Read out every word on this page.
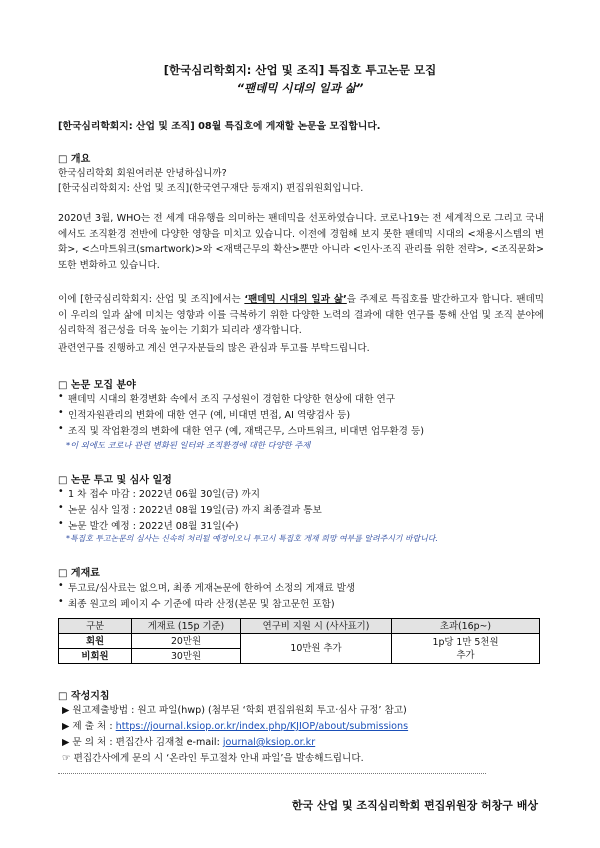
[한국심리학회지: 산업 및 조직] 특집호 투고논문 모집
“팬데믹 시대의 일과 삶”
[한국심리학회지: 산업 및 조직] 08월 특집호에 게재할 논문을 모집합니다.
□ 개요
한국심리학회 회원여러분 안녕하십니까?
[한국심리학회지: 산업 및 조직](한국연구재단 등재지) 편집위원회입니다.
2020년 3월, WHO는 전 세계 대유행을 의미하는 팬데믹을 선포하였습니다. 코로나19는 전 세계적으로 그리고 국내에서도 조직환경 전반에 다양한 영향을 미치고 있습니다. 이전에 경험해 보지 못한 팬데믹 시대의 <채용시스템의 변화>, <스마트워크(smartwork)>와 <재택근무의 확산>뿐만 아니라 <인사·조직 관리를 위한 전략>, <조직문화> 또한 변화하고 있습니다.
이에 [한국심리학회지: 산업 및 조직]에서는 ‘팬데믹 시대의 일과 삶’을 주제로 특집호를 발간하고자 합니다. 팬데믹이 우리의 일과 삶에 미치는 영향과 이를 극복하기 위한 다양한 노력의 결과에 대한 연구를 통해 산업 및 조직 분야에 심리학적 접근성을 더욱 높이는 기회가 되리라 생각합니다.
관련연구를 진행하고 계신 연구자분들의 많은 관심과 투고를 부탁드립니다.
□ 논문 모집 분야
• 팬데믹 시대의 환경변화 속에서 조직 구성원이 경험한 다양한 현상에 대한 연구
• 인적자원관리의 변화에 대한 연구 (예, 비대면 면접, AI 역량검사 등)
• 조직 및 작업환경의 변화에 대한 연구 (예, 재택근무, 스마트워크, 비대면 업무환경 등)
*이 외에도 코로나 관련 변화된 일터와 조직환경에 대한 다양한 주제
□ 논문 투고 및 심사 일정
• 1 차 접수 마감 : 2022년 06월 30일(금) 까지
• 논문 심사 일정 : 2022년 08월 19일(금) 까지 최종결과 통보
• 논문 발간 예정 : 2022년 08월 31일(수)
*특집호 투고논문의 심사는 신속히 처리될 예정이오니 투고시 특집호 게재 희망 여부를 알려주시기 바랍니다.
□ 게재료
• 투고료/심사료는 없으며, 최종 게재논문에 한하여 소정의 게재료 발생
• 최종 원고의 페이지 수 기준에 따라 산정(본문 및 참고문헌 포함)
구분	게재료 (15p 기준)	연구비 지원 시 (사사표기)	초과(16p~)
회원	20만원	10만원 추가	1p당 1만 5천원
추가

비회원	30만원		
□ 작성지침
▶ 원고제출방법 : 원고 파일(hwp) (첨부된 ‘학회 편집위원회 투고·심사 규정’ 참고)
▶ 제 출 처 : https://journal.ksiop.or.kr/index.php/KJIOP/about/submissions
▶ 문 의 처 : 편집간사 김재철 e-mail: journal@ksiop.or.kr
☞ 편집간사에게 문의 시 ‘온라인 투고절차 안내 파일’을 발송해드립니다.
한국 산업 및 조직심리학회 편집위원장 허창구 배상
